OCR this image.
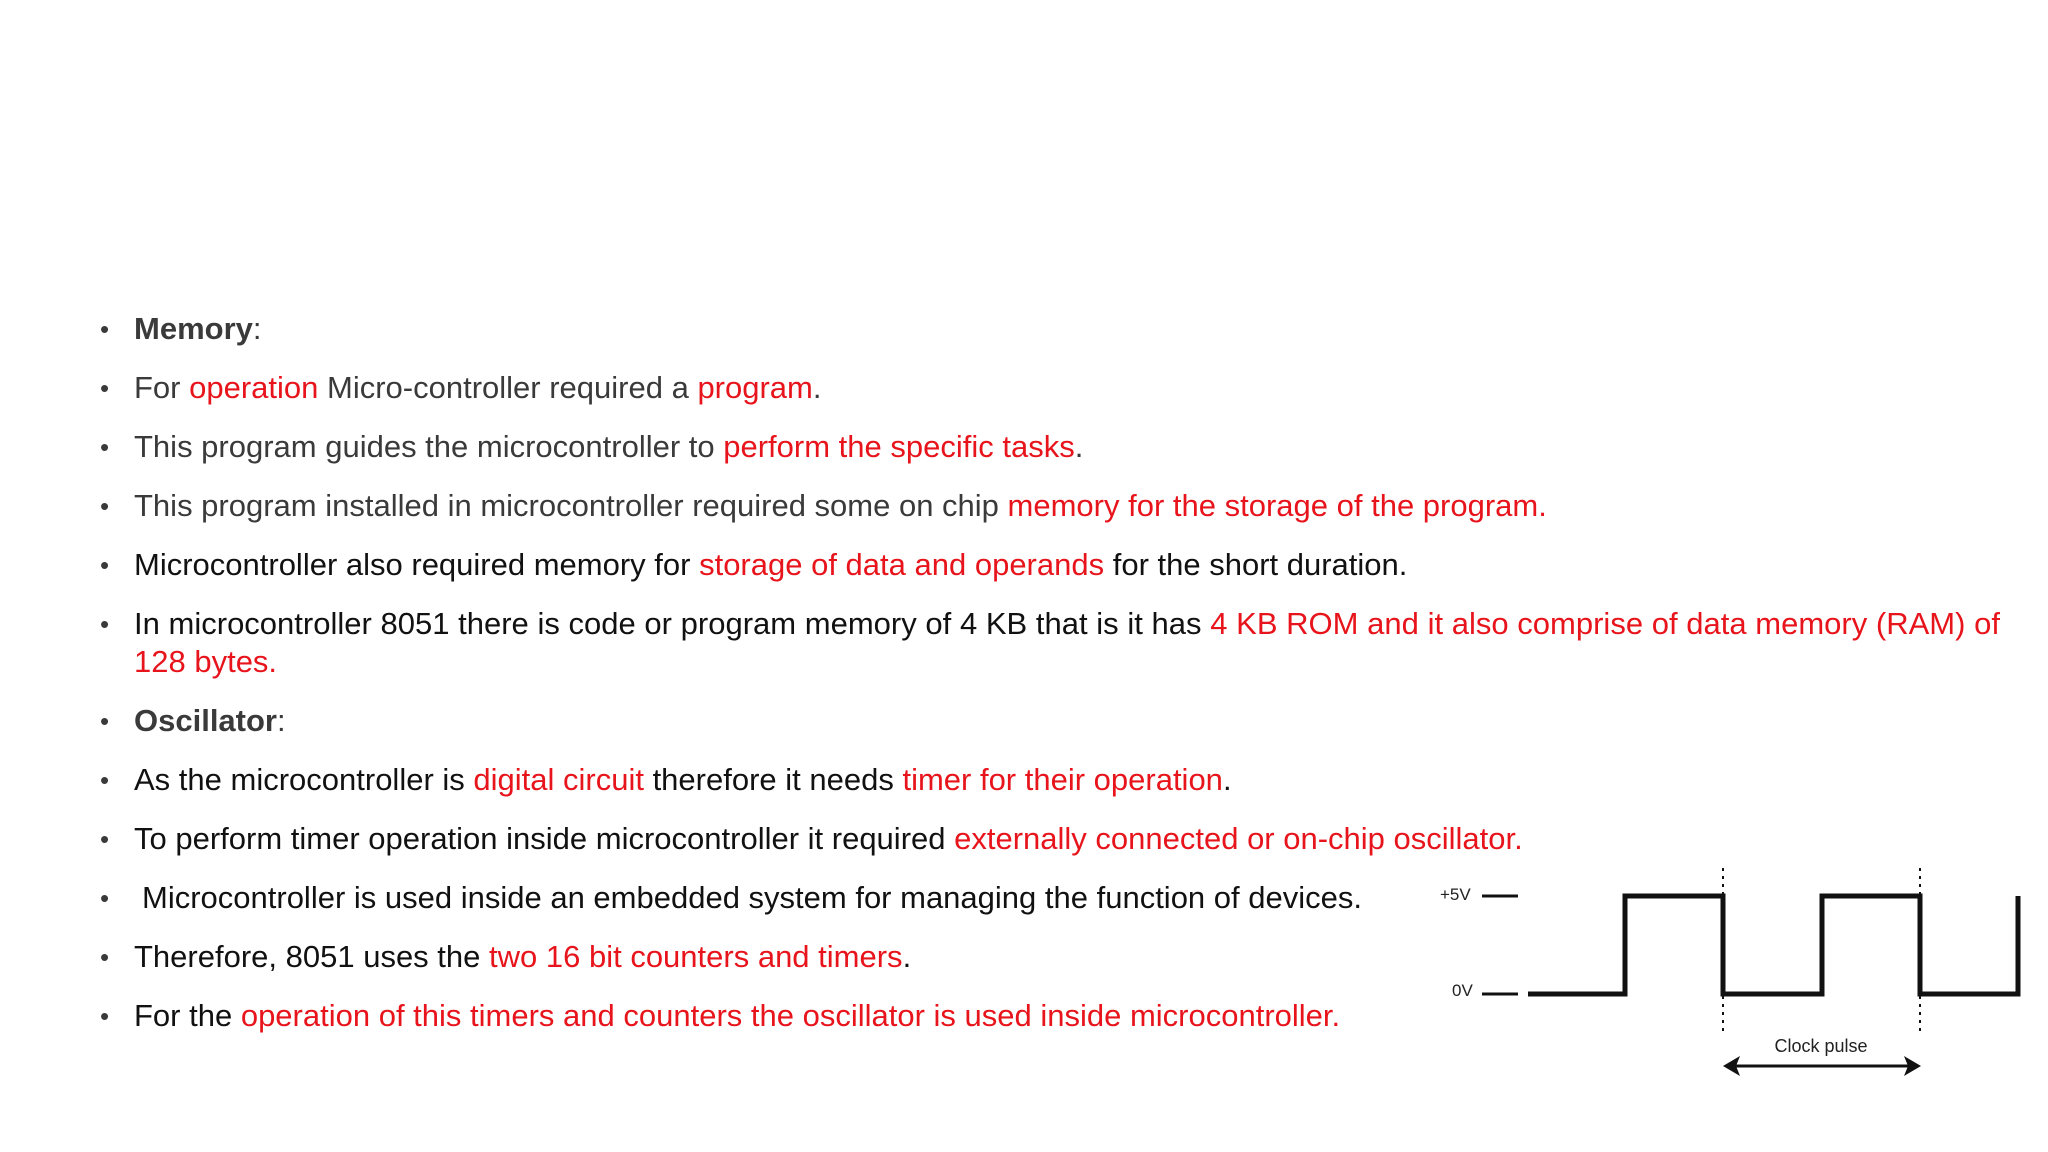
• Memory:
• For operation Micro-controller required a program.
• This program guides the microcontroller to perform the specific tasks.
• This program installed in microcontroller required some on chip memory for the storage of the program.
• Microcontroller also required memory for storage of data and operands for the short duration.
• In microcontroller 8051 there is code or program memory of 4 KB that is it has 4 KB ROM and it also comprise of data memory (RAM) of 128 bytes.
• Oscillator:
• As the microcontroller is digital circuit therefore it needs timer for their operation.
• To perform timer operation inside microcontroller it required externally connected or on-chip oscillator.
• Microcontroller is used inside an embedded system for managing the function of devices.
• Therefore, 8051 uses the two 16 bit counters and timers.
• For the operation of this timers and counters the oscillator is used inside microcontroller.
+5V
0V
Clock pulse
